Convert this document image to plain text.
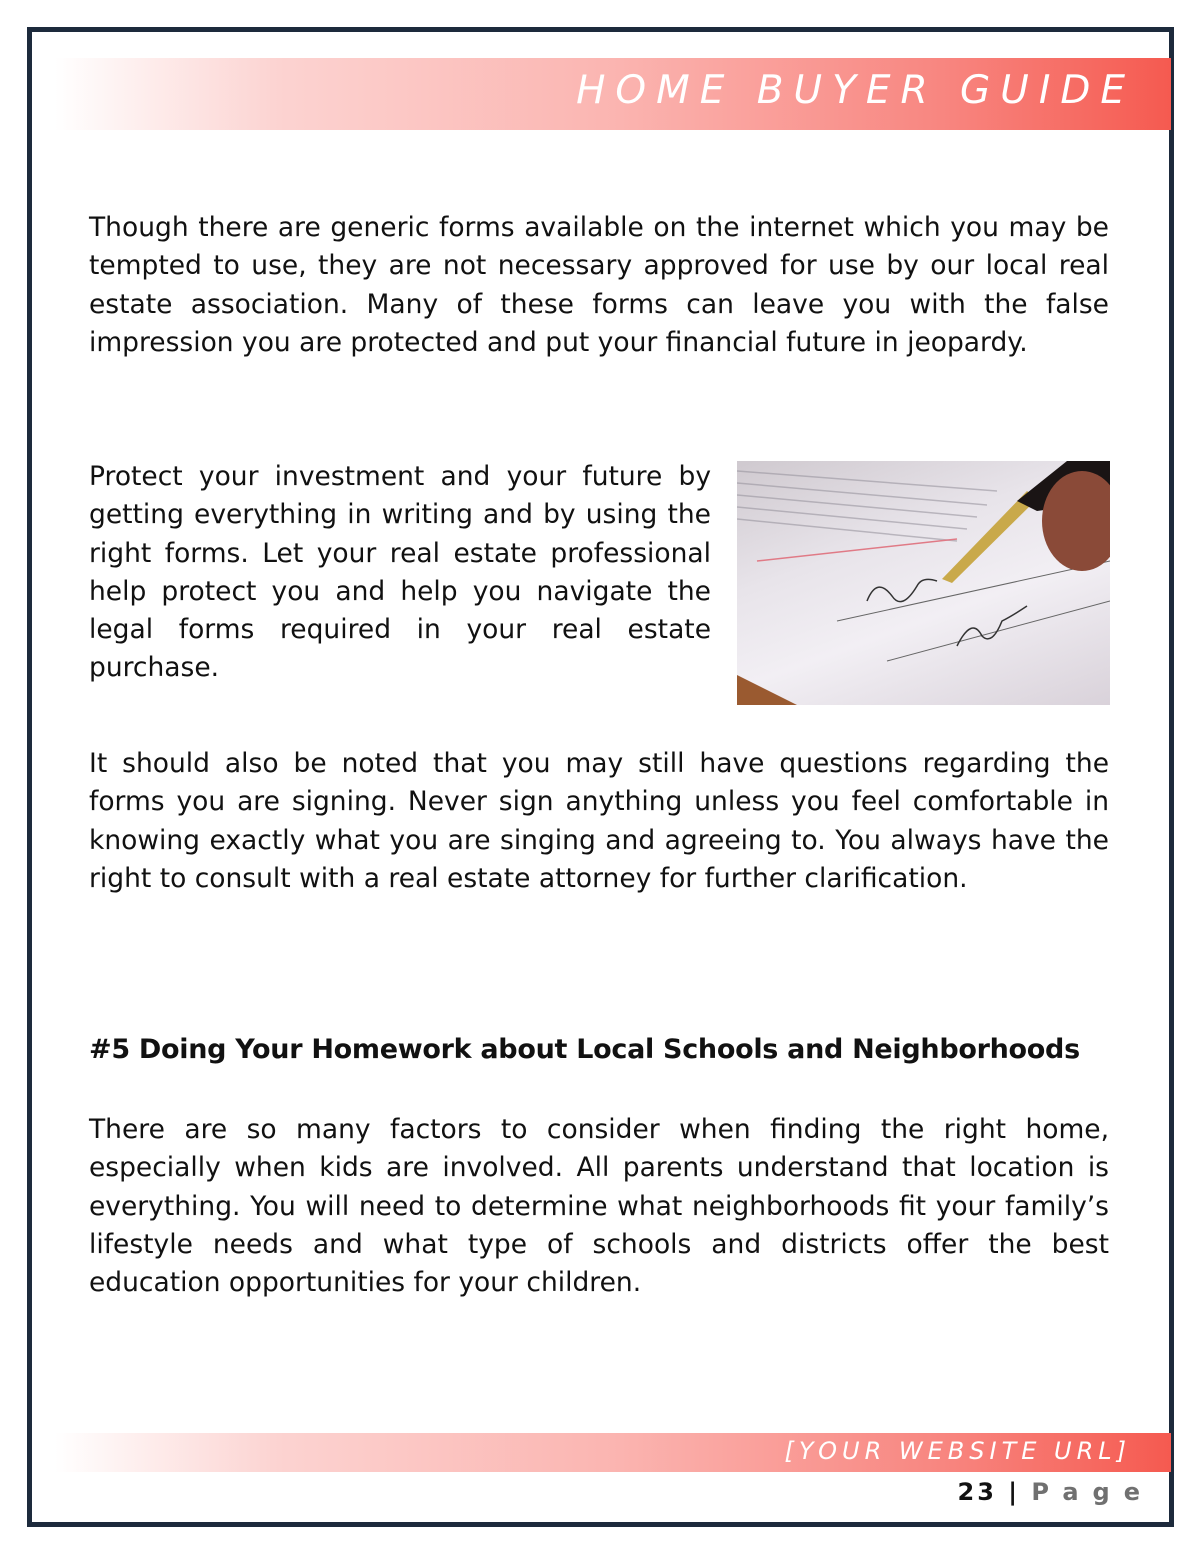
HOME BUYER GUIDE

Though there are generic forms available on the internet which you may be tempted to use, they are not necessary approved for use by our local real estate association. Many of these forms can leave you with the false impression you are protected and put your financial future in jeopardy.

Protect your investment and your future by getting everything in writing and by using the right forms. Let your real estate professional help protect you and help you navigate the legal forms required in your real estate purchase.

It should also be noted that you may still have questions regarding the forms you are signing. Never sign anything unless you feel comfortable in knowing exactly what you are singing and agreeing to. You always have the right to consult with a real estate attorney for further clarification.

#5 Doing Your Homework about Local Schools and Neighborhoods

There are so many factors to consider when finding the right home, especially when kids are involved. All parents understand that location is everything. You will need to determine what neighborhoods fit your family’s lifestyle needs and what type of schools and districts offer the best education opportunities for your children.

[YOUR WEBSITE URL]
23 | Page
